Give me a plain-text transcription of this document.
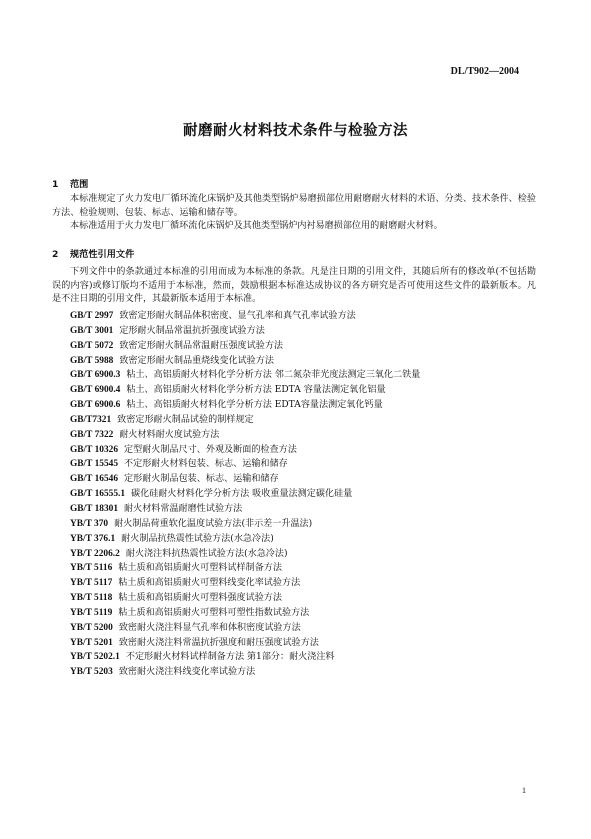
DL/T902—2004
耐磨耐火材料技术条件与检验方法
1 范围
本标准规定了火力发电厂循环流化床锅炉及其他类型锅炉易磨损部位用耐磨耐火材料的术语、分类、技术条件、检验方法、检验规则、包装、标志、运输和储存等。
本标准适用于火力发电厂循环流化床锅炉及其他类型锅炉内衬易磨损部位用的耐磨耐火材料。
2 规范性引用文件
下列文件中的条款通过本标准的引用而成为本标准的条款。凡是注日期的引用文件，其随后所有的修改单(不包括勘误的内容)或修订版均不适用于本标准，然而，鼓励根据本标准达成协议的各方研究是否可使用这些文件的最新版本。凡是不注日期的引用文件，其最新版本适用于本标准。
GB/T 2997 致密定形耐火制品体积密度、显气孔率和真气孔率试验方法
GB/T 3001 定形耐火制品常温抗折强度试验方法
GB/T 5072 致密定形耐火制品常温耐压强度试验方法
GB/T 5988 致密定形耐火制品重烧线变化试验方法
GB/T 6900.3 粘土、高铝质耐火材料化学分析方法 邻二氮杂菲光度法测定三氧化二铁量
GB/T 6900.4 粘土、高铝质耐火材料化学分析方法 EDTA 容量法测定氧化铝量
GB/T 6900.6 粘土、高铝质耐火材料化学分析方法 EDTA容量法测定氧化钙量
GB/T7321 致密定形耐火制品试验的制样规定
GB/T 7322 耐火材料耐火度试验方法
GB/T 10326 定型耐火制品尺寸、外观及断面的检查方法
GB/T 15545 不定形耐火材料包装、标志、运输和储存
GB/T 16546 定形耐火制品包装、标志、运输和储存
GB/T 16555.1 碳化硅耐火材料化学分析方法 吸收重量法测定碳化硅量
GB/T 18301 耐火材料常温耐磨性试验方法
YB/T 370 耐火制品荷重软化温度试验方法(非示差一升温法)
YB/T 376.1 耐火制品抗热震性试验方法(水急冷法)
YB/T 2206.2 耐火浇注料抗热震性试验方法(水急冷法)
YB/T 5116 粘土质和高铝质耐火可塑料试样制备方法
YB/T 5117 粘土质和高铝质耐火可塑料线变化率试验方法
YB/T 5118 粘土质和高铝质耐火可塑料强度试验方法
YB/T 5119 粘土质和高铝质耐火可塑料可塑性指数试验方法
YB/T 5200 致密耐火浇注料显气孔率和体积密度试验方法
YB/T 5201 致密耐火浇注料常温抗折强度和耐压强度试验方法
YB/T 5202.1 不定形耐火材料试样制备方法 第1部分：耐火浇注料
YB/T 5203 致密耐火浇注料线变化率试验方法
1
